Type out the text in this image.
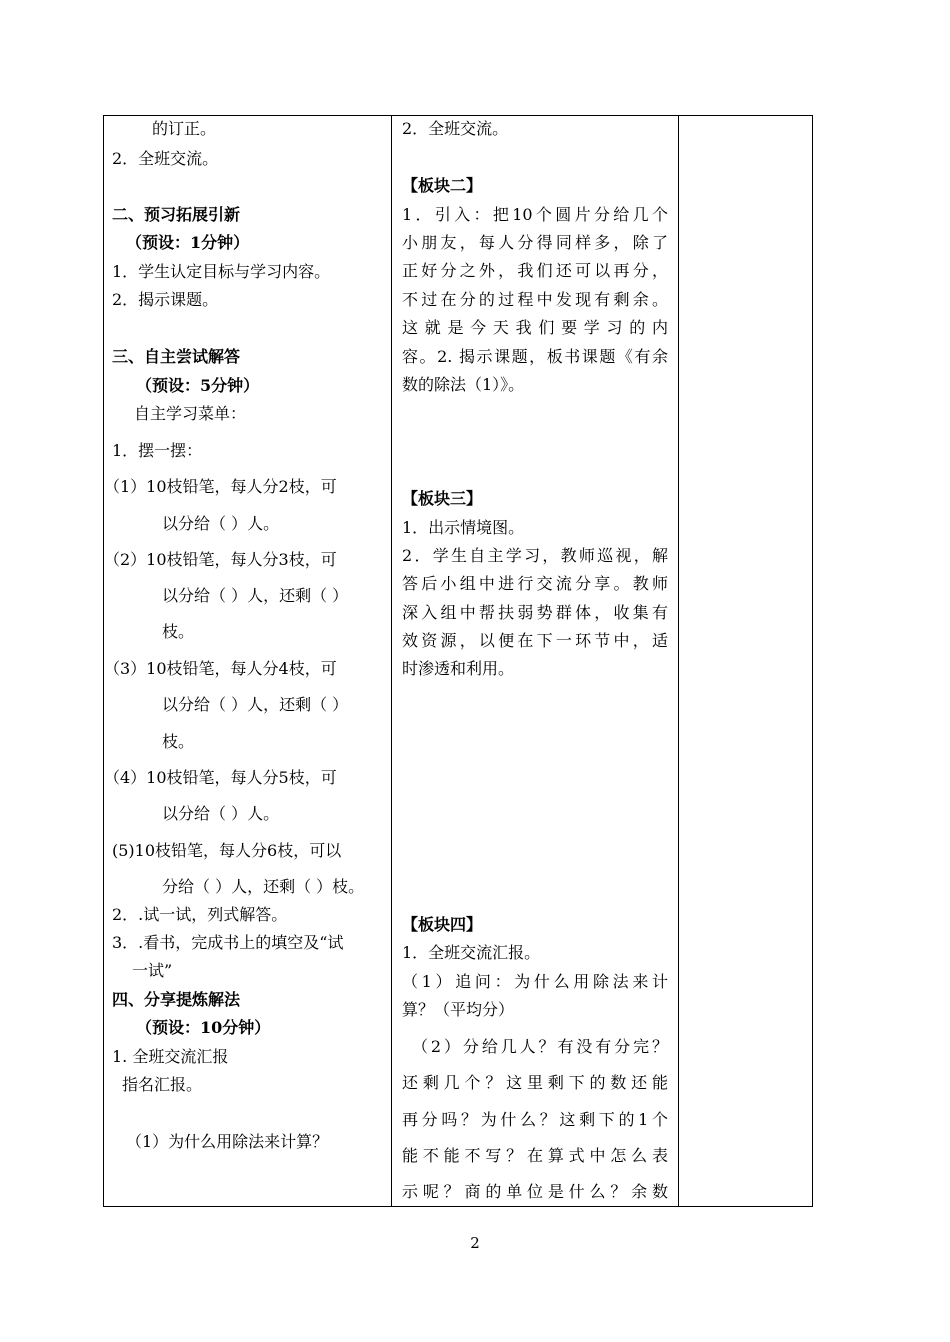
的订正。
2．全班交流。
二、预习拓展引新
（预设：1分钟）
1．学生认定目标与学习内容。
2．揭示课题。
三、自主尝试解答
（预设：5分钟）
自主学习菜单：
1．摆一摆：
（1）10枝铅笔，每人分2枝，可
以分给（ ）人。
（2）10枝铅笔，每人分3枝，可
以分给（ ）人，还剩（ ）
枝。
（3）10枝铅笔，每人分4枝，可
以分给（ ）人，还剩（ ）
枝。
（4）10枝铅笔，每人分5枝，可
以分给（ ）人。
(5)10枝铅笔，每人分6枝，可以
分给（ ）人，还剩（ ）枝。
2．.试一试，列式解答。
3．.看书，完成书上的填空及“试
一试”
四、分享提炼解法
（预设：10分钟）
1. 全班交流汇报
指名汇报。
（1）为什么用除法来计算？
2．全班交流。
【板块二】
1．引入：把10个圆片分给几个
小朋友，每人分得同样多，除了
正好分之外，我们还可以再分，
不过在分的过程中发现有剩余。
这就是今天我们要学习的内
容。2. 揭示课题，板书课题《有余
数的除法（1）》。
【板块三】
1．出示情境图。
2．学生自主学习，教师巡视，解
答后小组中进行交流分享。教师
深入组中帮扶弱势群体，收集有
效资源，以便在下一环节中，适
时渗透和利用。
【板块四】
1．全班交流汇报。
（1）追问：为什么用除法来计
算？（平均分）
（2）分给几人？有没有分完？
还剩几个？这里剩下的数还能
再分吗？为什么？这剩下的1个
能不能不写？在算式中怎么表
示呢？商的单位是什么？余数
2
